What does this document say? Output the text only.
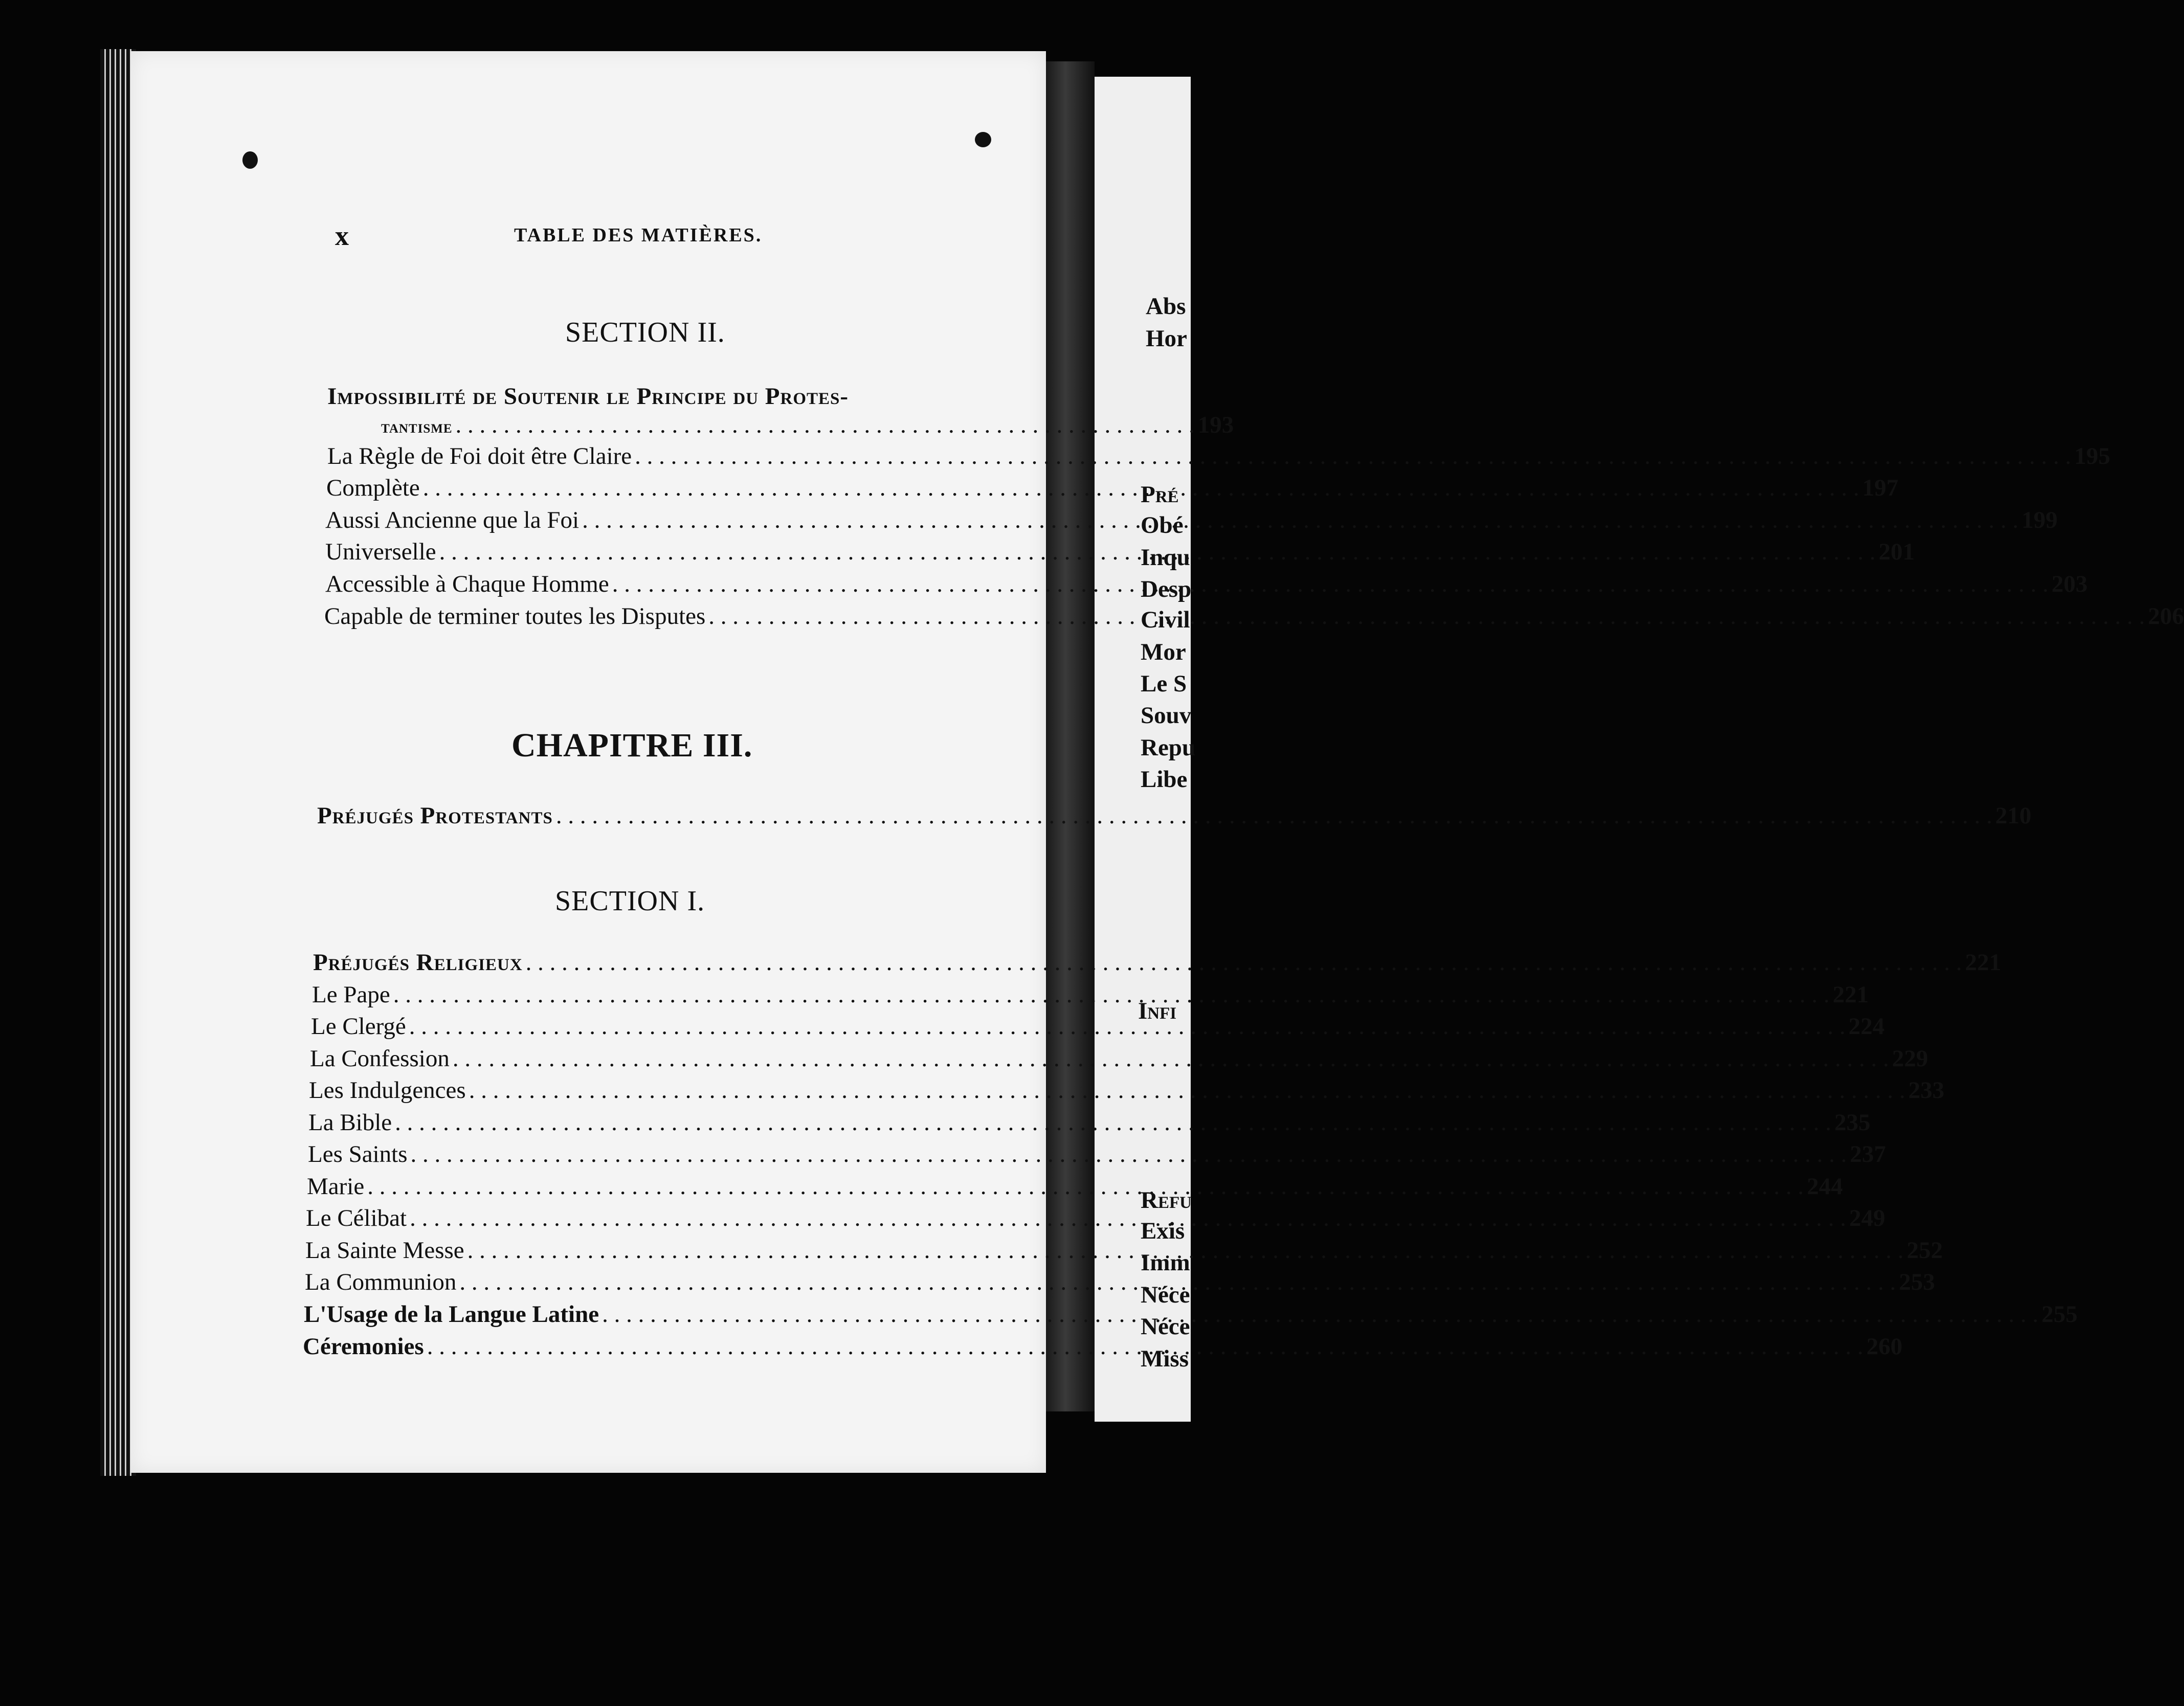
Abs
Hor
Pré
Obé
Inqu
Desp
Civil
Mor
Le S
Souv
Repu
Libe
Infi
Refu
Exis
Imm
Néce
Néce
Miss
x	TABLE DES MATIÈRES.
SECTION II.
Impossibilité de Soutenir le Principe du Protes-
tantisme . . . . . . . . . . . . . . . . . . . . . . . . . . . . . . . . . . . . . . . . . . . . . . . . . . . . . . . . . . . . . . 193
La Règle de Foi doit être Claire . . .	195
Complète . . .	197
Aussi Ancienne que la Foi . . .	199
Universelle . . .	201
Accessible à Chaque Homme . . .	203
Capable de terminer toutes les Disputes . . .	206
CHAPITRE III.
Préjugés Protestants . . .	210
SECTION I.
Préjugés Religieux . . .	221
Le Pape . . .	221
Le Clergé . . .	224
La Confession . . .	229
Les Indulgences . . .	233
La Bible . . .	235
Les Saints . . .	237
Marie . . .	244
Le Célibat . . .	249
La Sainte Messe . . .	252
La Communion . . .	253
L'Usage de la Langue Latine . . .	255
Céremonies . . .	260
